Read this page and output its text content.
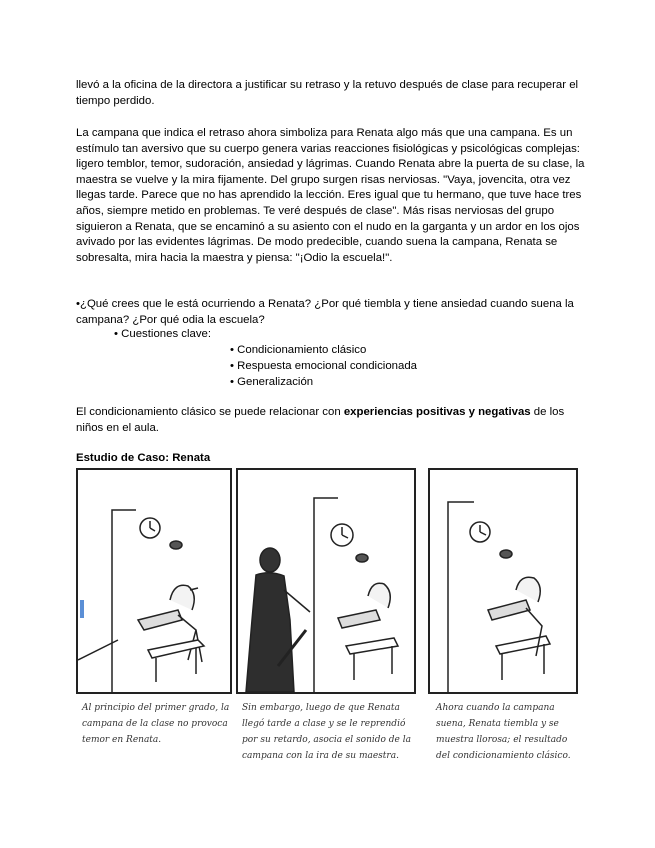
llevó a la oficina de la directora a justificar su retraso y la retuvo después de clase para recuperar el tiempo perdido.
La campana que indica el retraso ahora simboliza para Renata algo más que una campana. Es un estímulo tan aversivo que su cuerpo genera varias reacciones fisiológicas y psicológicas complejas: ligero temblor, temor, sudoración, ansiedad y lágrimas. Cuando Renata abre la puerta de su clase, la maestra se vuelve y la mira fijamente. Del grupo surgen risas nerviosas. "Vaya, jovencita, otra vez llegas tarde. Parece que no has aprendido la lección. Eres igual que tu hermano, que tuve hace tres años, siempre metido en problemas. Te veré después de clase". Más risas nerviosas del grupo siguieron a Renata, que se encaminó a su asiento con el nudo en la garganta y un ardor en los ojos avivado por las evidentes lágrimas. De modo predecible, cuando suena la campana, Renata se sobresalta, mira hacia la maestra y piensa: "¡Odio la escuela!".
•¿Qué crees que le está ocurriendo a Renata? ¿Por qué tiembla y tiene ansiedad cuando suena la campana? ¿Por qué odia la escuela?
• Cuestiones clave:
• Condicionamiento clásico
• Respuesta emocional condicionada
• Generalización
El condicionamiento clásico se puede relacionar con experiencias positivas y negativas de los niños en el aula.
Estudio de Caso: Renata
Al principio del primer grado, la campana de la clase no provoca temor en Renata.
Sin embargo, luego de que Renata llegó tarde a clase y se le reprendió por su retardo, asocia el sonido de la campana con la ira de su maestra.
Ahora cuando la campana suena, Renata tiembla y se muestra llorosa; el resultado del condicionamiento clásico.
